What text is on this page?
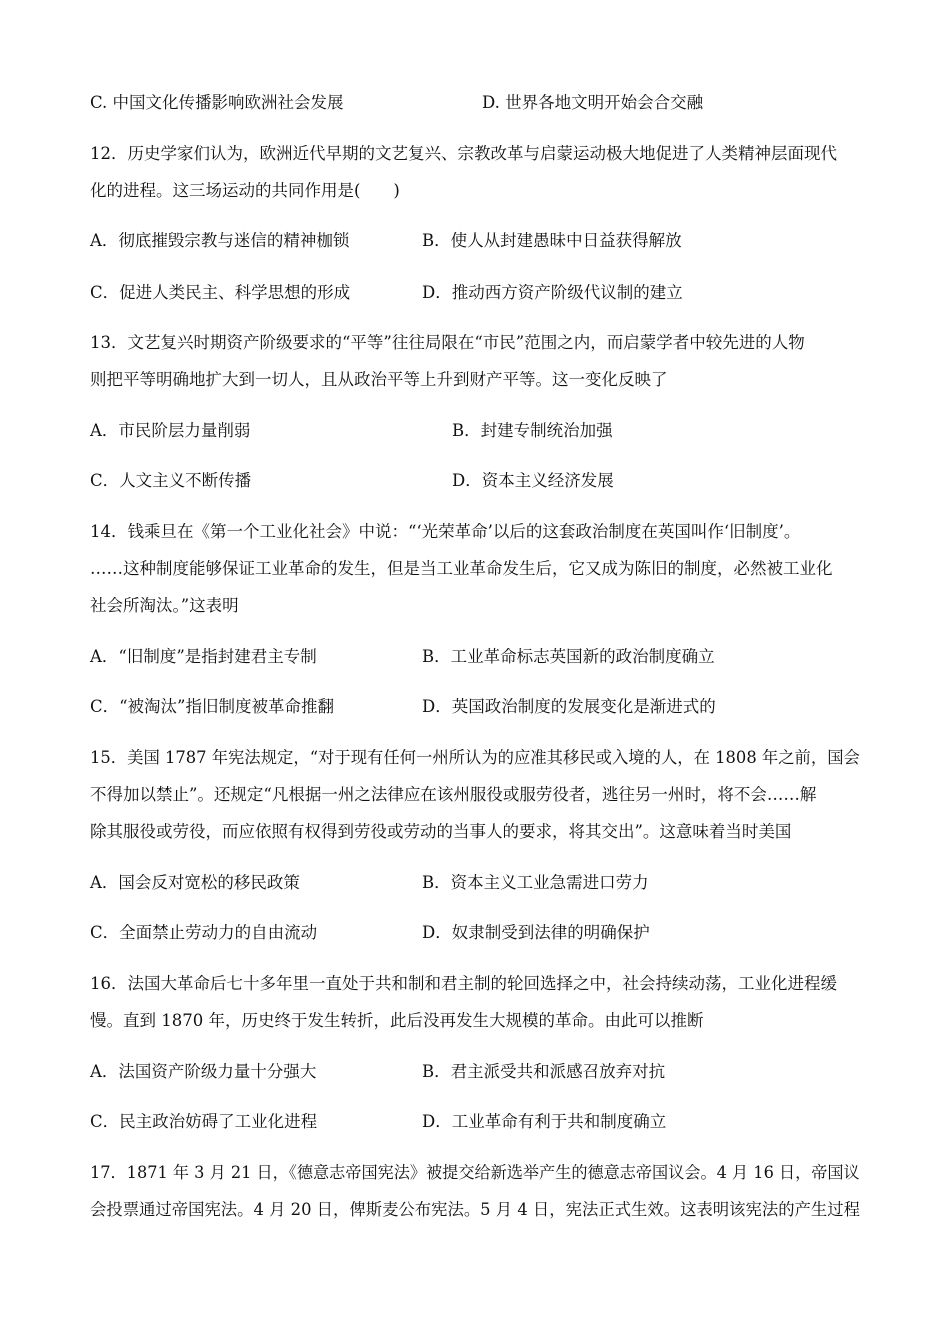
C. 中国文化传播影响欧洲社会发展	D. 世界各地文明开始会合交融
12．历史学家们认为，欧洲近代早期的文艺复兴、宗教改革与启蒙运动极大地促进了人类精神层面现代
化的进程。这三场运动的共同作用是(　　)
A．彻底摧毁宗教与迷信的精神枷锁	B．使人从封建愚昧中日益获得解放
C．促进人类民主、科学思想的形成	D．推动西方资产阶级代议制的建立
13．文艺复兴时期资产阶级要求的“平等”往往局限在“市民”范围之内，而启蒙学者中较先进的人物
则把平等明确地扩大到一切人，且从政治平等上升到财产平等。这一变化反映了
A．市民阶层力量削弱	B．封建专制统治加强
C．人文主义不断传播	D．资本主义经济发展
14．钱乘旦在《第一个工业化社会》中说：“‘光荣革命’以后的这套政治制度在英国叫作‘旧制度’。
……这种制度能够保证工业革命的发生，但是当工业革命发生后，它又成为陈旧的制度，必然被工业化
社会所淘汰。”这表明
A．“旧制度”是指封建君主专制	B．工业革命标志英国新的政治制度确立
C．“被淘汰”指旧制度被革命推翻	D．英国政治制度的发展变化是渐进式的
15．美国 1787 年宪法规定，“对于现有任何一州所认为的应准其移民或入境的人，在 1808 年之前，国会
不得加以禁止”。还规定“凡根据一州之法律应在该州服役或服劳役者，逃往另一州时，将不会……解
除其服役或劳役，而应依照有权得到劳役或劳动的当事人的要求，将其交出”。这意味着当时美国
A．国会反对宽松的移民政策	B．资本主义工业急需进口劳力
C．全面禁止劳动力的自由流动	D．奴隶制受到法律的明确保护
16．法国大革命后七十多年里一直处于共和制和君主制的轮回选择之中，社会持续动荡，工业化进程缓
慢。直到 1870 年，历史终于发生转折，此后没再发生大规模的革命。由此可以推断
A．法国资产阶级力量十分强大	B．君主派受共和派感召放弃对抗
C．民主政治妨碍了工业化进程	D．工业革命有利于共和制度确立
17．1871 年 3 月 21 日，《德意志帝国宪法》被提交给新选举产生的德意志帝国议会。4 月 16 日，帝国议
会投票通过帝国宪法。4 月 20 日，俾斯麦公布宪法。5 月 4 日，宪法正式生效。这表明该宪法的产生过程
